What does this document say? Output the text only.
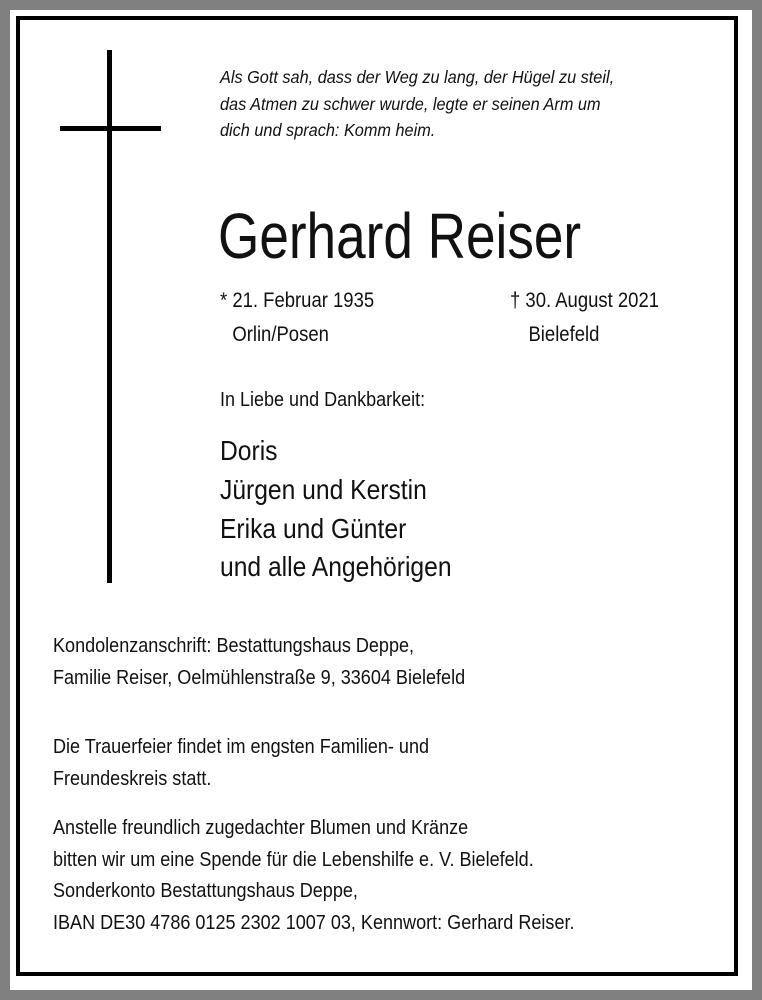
Als Gott sah, dass der Weg zu lang, der Hügel zu steil,
das Atmen zu schwer wurde, legte er seinen Arm um
dich und sprach: Komm heim.
Gerhard Reiser
* 21. Februar 1935
Orlin/Posen
† 30. August 2021
Bielefeld
In Liebe und Dankbarkeit:
Doris
Jürgen und Kerstin
Erika und Günter
und alle Angehörigen
Kondolenzanschrift: Bestattungshaus Deppe,
Familie Reiser, Oelmühlenstraße 9, 33604 Bielefeld
Die Trauerfeier findet im engsten Familien- und
Freundeskreis statt.
Anstelle freundlich zugedachter Blumen und Kränze
bitten wir um eine Spende für die Lebenshilfe e. V. Bielefeld.
Sonderkonto Bestattungshaus Deppe,
IBAN DE30 4786 0125 2302 1007 03, Kennwort: Gerhard Reiser.
